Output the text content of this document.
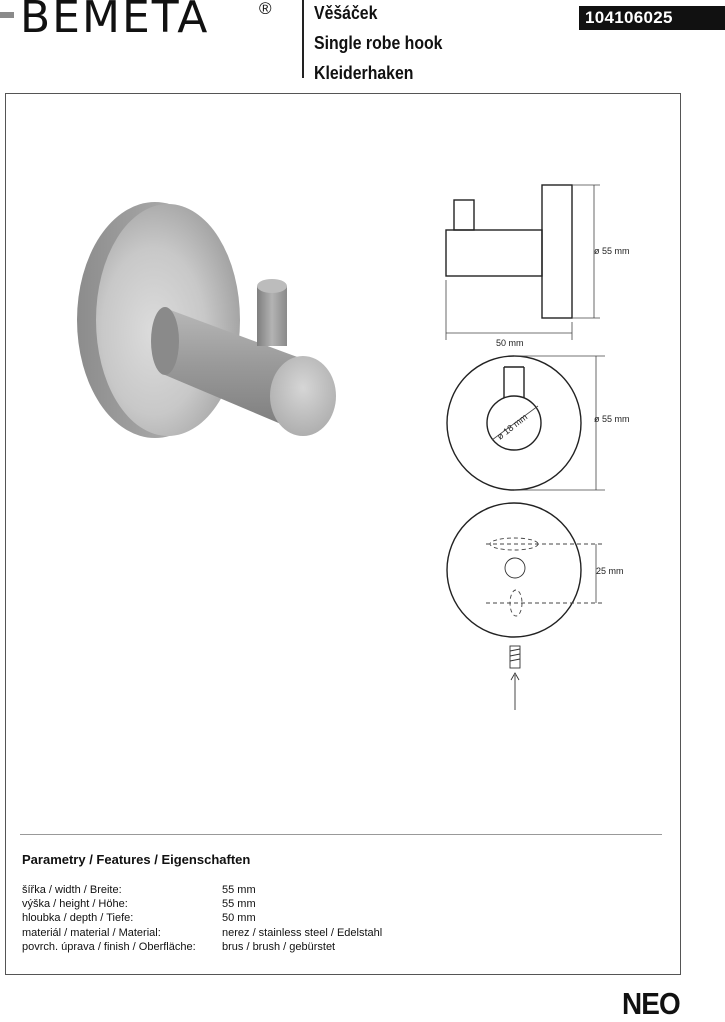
BEMETA	® Věšáček
Single robe hook
Kleiderhaken
104106025
ø 55 mm
50 mm
ø 55 mm
ø 18 mm
25 mm
Parametry / Features / Eigenschaften
šířka / width / Breite:	55 mm
výška / height / Höhe:	55 mm
hloubka / depth / Tiefe:	50 mm
materiál / material / Material:	nerez / stainless steel / Edelstahl
povrch. úprava / finish / Oberfläche: brus / brush / gebürstet
NEO
